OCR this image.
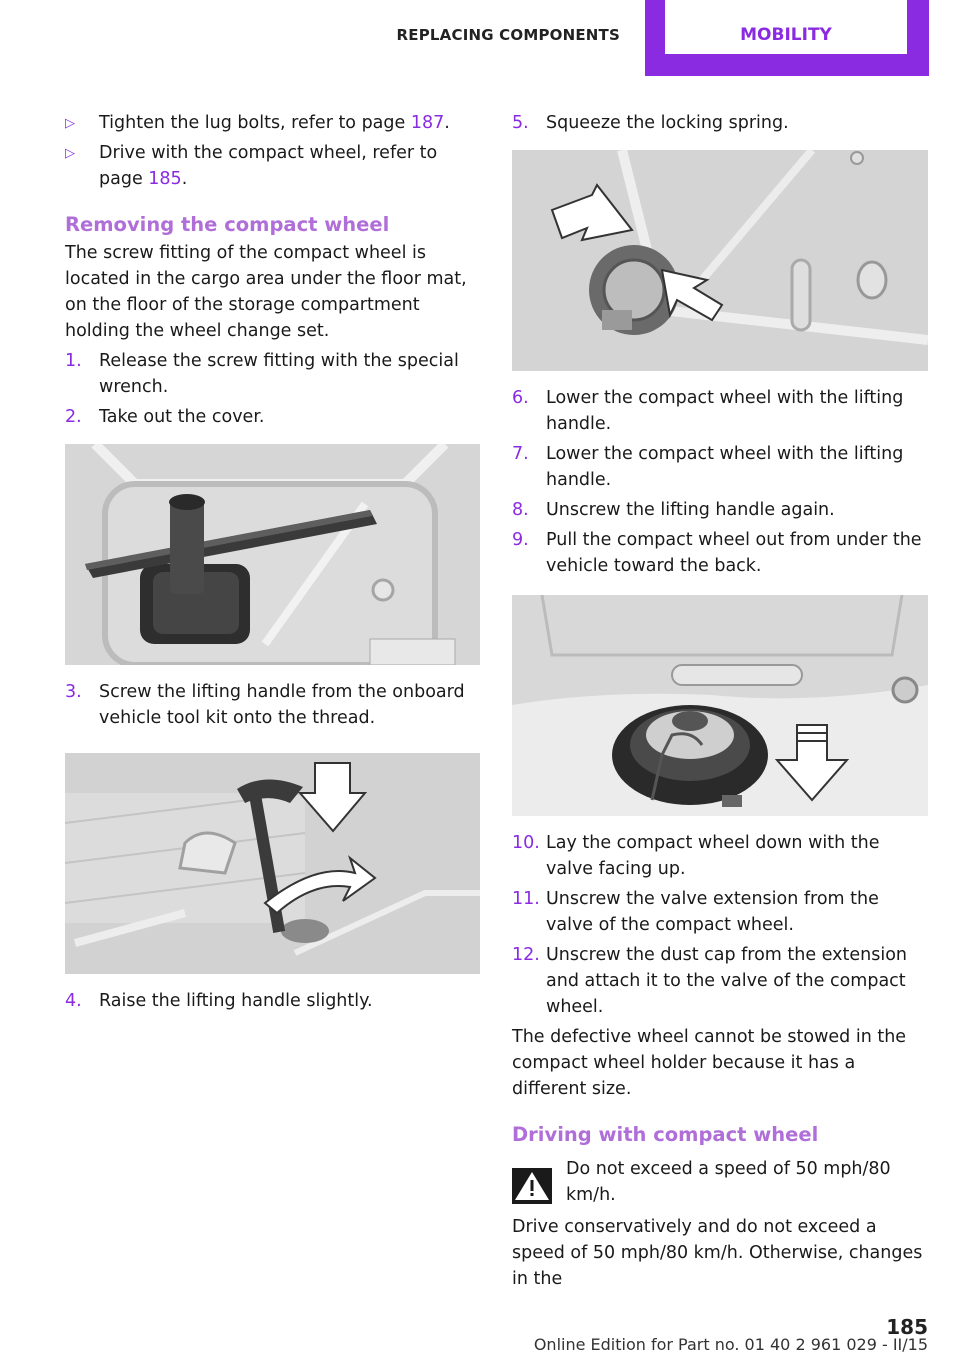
REPLACING COMPONENTS	MOBILITY
▷ Tighten the lug bolts, refer to page 187.
▷ Drive with the compact wheel, refer to page 185.
Removing the compact wheel

The screw fitting of the compact wheel is located in the cargo area under the floor mat, on the floor of the storage compartment holding the wheel change set.

1. Release the screw fitting with the special wrench.
2. Take out the cover.
3. Screw the lifting handle from the onboard vehicle tool kit onto the thread.
4. Raise the lifting handle slightly.
5. Squeeze the locking spring.
6. Lower the compact wheel with the lifting handle.
7. Lower the compact wheel with the lifting handle.
8. Unscrew the lifting handle again.
9. Pull the compact wheel out from under the vehicle toward the back.
10. Lay the compact wheel down with the valve facing up.
11. Unscrew the valve extension from the valve of the compact wheel.
12. Unscrew the dust cap from the extension and attach it to the valve of the compact wheel.

The defective wheel cannot be stowed in the compact wheel holder because it has a different size.

Driving with compact wheel
Do not exceed a speed of 50 mph/80 km/h.

Drive conservatively and do not exceed a speed of 50 mph/80 km/h. Otherwise, changes in the

185
Online Edition for Part no. 01 40 2 961 029 - II/15
